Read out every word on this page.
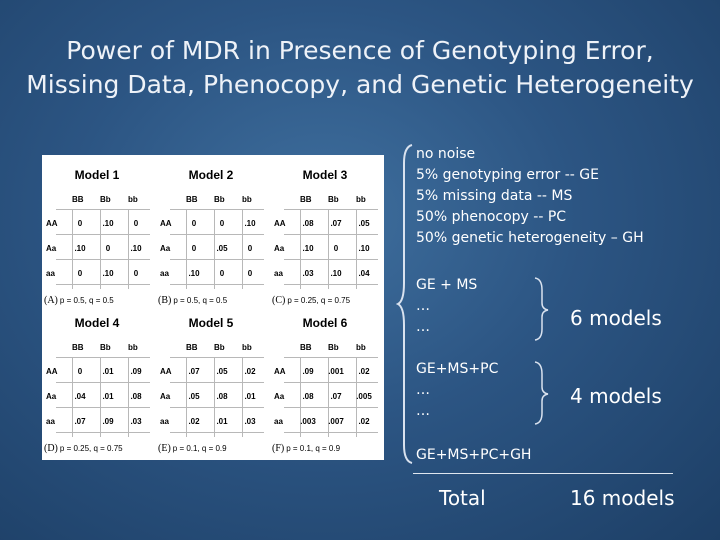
Power of MDR in Presence of Genotyping Error,
Missing Data, Phenocopy, and Genetic Heterogeneity
Model 1
BB Bb bb
AA	0	.10	0
Aa	.10	0	.10
aa	0	.10	0
(A) p = 0.5, q = 0.5
Model 2
BB Bb bb
AA	0	0	.10
Aa	0	.05	0
aa	.10	0	0
(B) p = 0.5, q = 0.5
Model 3
BB Bb bb
AA	.08	.07	.05
Aa	.10	0	.10
aa	.03	.10	.04
(C) p = 0.25, q = 0.75
Model 4
BB Bb bb
AA	0	.01	.09
Aa	.04	.01	.08
aa	.07	.09	.03
(D) p = 0.25, q = 0.75
Model 5
BB Bb bb
AA	.07	.05	.02
Aa	.05	.08	.01
aa	.02	.01	.03
(E) p = 0.1, q = 0.9
Model 6
BB Bb bb
AA	.09	.001	.02
Aa	.08	.07	.005
aa	.003	.007	.02
(F) p = 0.1, q = 0.9
no noise
5% genotyping error -- GE
5% missing data -- MS
50% phenocopy -- PC
50% genetic heterogeneity – GH
GE + MS
…
…	6 models
GE+MS+PC
…
…
4 models
GE+MS+PC+GH
Total	16 models
